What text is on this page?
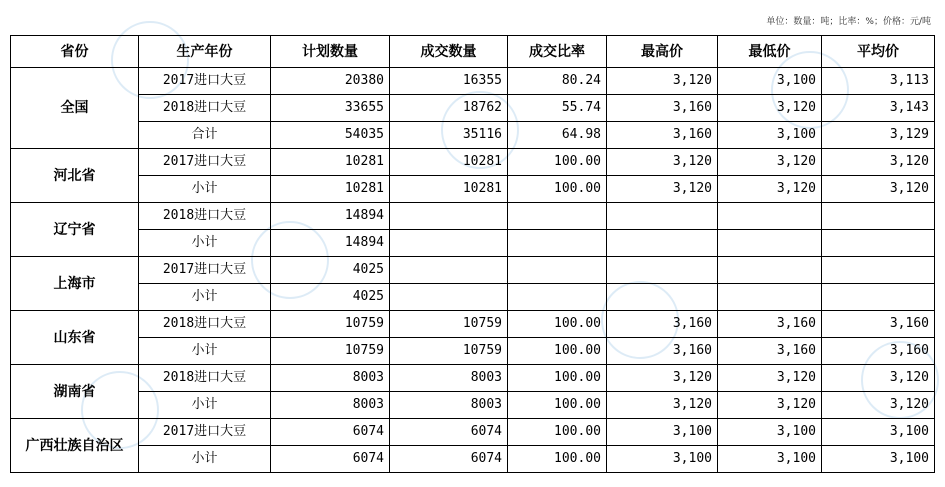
单位：数量：吨；比率：%；价格：元/吨
省份	生产年份	计划数量	成交数量	成交比率	最高价	最低价	平均价
全国	2017进口大豆	20380	16355	80.24	3,120	3,100	3,113
	2018进口大豆	33655	18762	55.74	3,160	3,120	3,143
	合计	54035	35116	64.98	3,160	3,100	3,129
河北省	2017进口大豆	10281	10281	100.00	3,120	3,120	3,120
	小计	10281	10281	100.00	3,120	3,120	3,120
辽宁省	2018进口大豆	14894					
	小计	14894					
上海市	2017进口大豆	4025					
	小计	4025					
山东省	2018进口大豆	10759	10759	100.00	3,160	3,160	3,160
	小计	10759	10759	100.00	3,160	3,160	3,160
湖南省	2018进口大豆	8003	8003	100.00	3,120	3,120	3,120
	小计	8003	8003	100.00	3,120	3,120	3,120
广西壮族自治区	2017进口大豆	6074	6074	100.00	3,100	3,100	3,100
	小计	6074	6074	100.00	3,100	3,100	3,100
